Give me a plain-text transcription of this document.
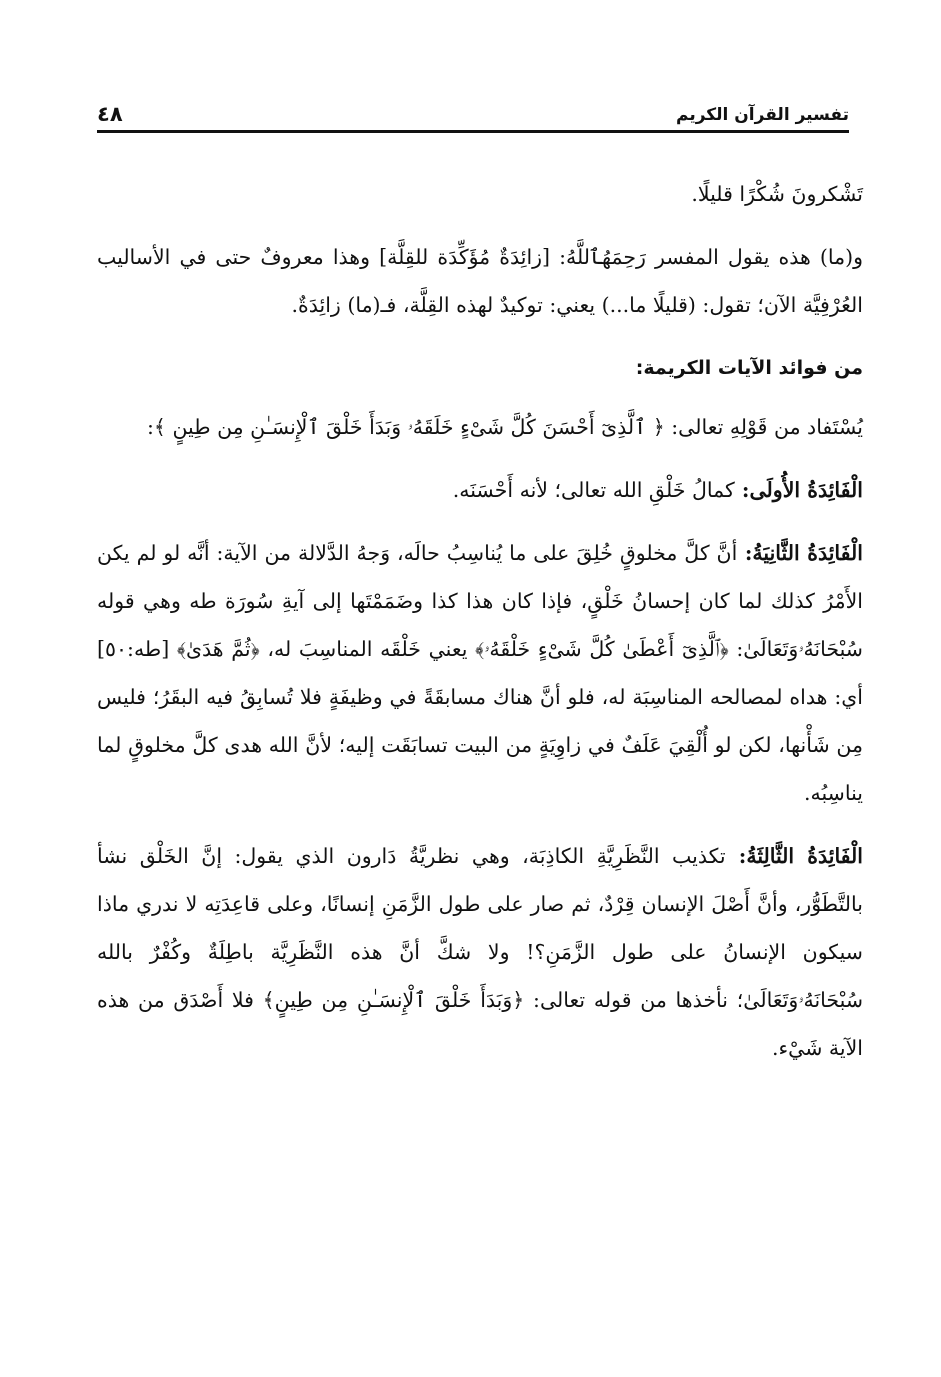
تفسير القرآن الكريم
٤٨

تَشْكرونَ شُكْرًا قليلًا.

و(ما) هذه يقول المفسر رَحِمَهُٱللَّهُ: [زائِدَةٌ مُؤَكِّدَة للقِلَّة] وهذا معروفٌ حتى في الأساليب العُرْفِيَّة الآن؛ تقول: (قليلًا ما...) يعني: توكيدٌ لهذه القِلَّة، فـ(ما) زائِدَةٌ.

من فوائد الآيات الكريمة:

يُسْتَفاد من قَوْلِهِ تعالى: ﴿ ٱلَّذِىٓ أَحْسَنَ كُلَّ شَىْءٍ خَلَقَهُۥ وَبَدَأَ خَلْقَ ٱلْإِنسَـٰنِ مِن طِينٍ ﴾:

الْفَائِدَةُ الأُولَى: كمالُ خَلْقِ الله تعالى؛ لأنه أَحْسَنَه.

الْفَائِدَةُ الثَّانِيَةُ: أنَّ كلَّ مخلوقٍ خُلِقَ على ما يُناسِبُ حالَه، وَجهُ الدَّلالة من الآية: أنَّه لو لم يكن الأَمْرُ كذلك لما كان إحسانُ خَلْقٍ، فإذا كان هذا كذا وضَمَمْتَها إلى آيةِ سُورَة طه وهي قوله سُبْحَانَهُۥوَتَعَالَىٰ: ﴿ٱلَّذِىٓ أَعْطَىٰ كُلَّ شَىْءٍ خَلْقَهُۥ﴾ يعني خَلْقَه المناسِبَ له، ﴿ثُمَّ هَدَىٰ﴾ [طه:٥٠] أي: هداه لمصالحه المناسِبَة له، فلو أنَّ هناك مسابقَةً في وظيفَةٍ فلا تُسابِقُ فيه البقَرُ؛ فليس مِن شَأْنها، لكن لو أُلْقِيَ عَلَفٌ في زاوِيَةٍ من البيت تسابَقَت إليه؛ لأنَّ الله هدى كلَّ مخلوقٍ لما يناسِبُه.

الْفَائِدَةُ الثَّالِثَةُ: تكذيب النَّظَرِيَّةِ الكاذِبَة، وهي نظريَّةُ دَارون الذي يقول: إنَّ الخَلْق نشأ بالتَّطَوُّر، وأنَّ أَصْلَ الإنسان قِرْدٌ، ثم صار على طول الزَّمَنِ إنسانًا، وعلى قاعِدَتِه لا ندري ماذا سيكون الإنسانُ على طول الزَّمَنِ؟! ولا شكَّ أنَّ هذه النَّظَرِيَّة باطِلَةٌ وكُفْرٌ بالله سُبْحَانَهُۥوَتَعَالَىٰ؛ نأخذها من قوله تعالى: ﴿وَبَدَأَ خَلْقَ ٱلْإِنسَـٰنِ مِن طِينٍ﴾ فلا أَصْدَق من هذه الآية شَيْء.
